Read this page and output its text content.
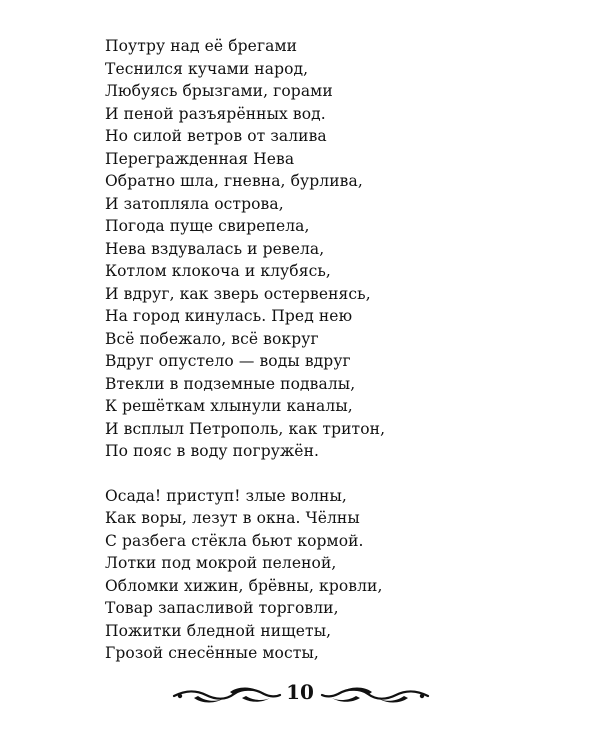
Поутру над её брегами
Теснился кучами народ,
Любуясь брызгами, горами
И пеной разъярённых вод.
Но силой ветров от залива
Перегражденная Нева
Обратно шла, гневна, бурлива,
И затопляла острова,
Погода пуще свирепела,
Нева вздувалась и ревела,
Котлом клокоча и клубясь,
И вдруг, как зверь остервенясь,
На город кинулась. Пред нею
Всё побежало, всё вокруг
Вдруг опустело — воды вдруг
Втекли в подземные подвалы,
К решёткам хлынули каналы,
И всплыл Петрополь, как тритон,
По пояс в воду погружён.
Осада! приступ! злые волны,
Как воры, лезут в окна. Чёлны
С разбега стёкла бьют кормой.
Лотки под мокрой пеленой,
Обломки хижин, брёвны, кровли,
Товар запасливой торговли,
Пожитки бледной нищеты,
Грозой снесённые мосты,
10
